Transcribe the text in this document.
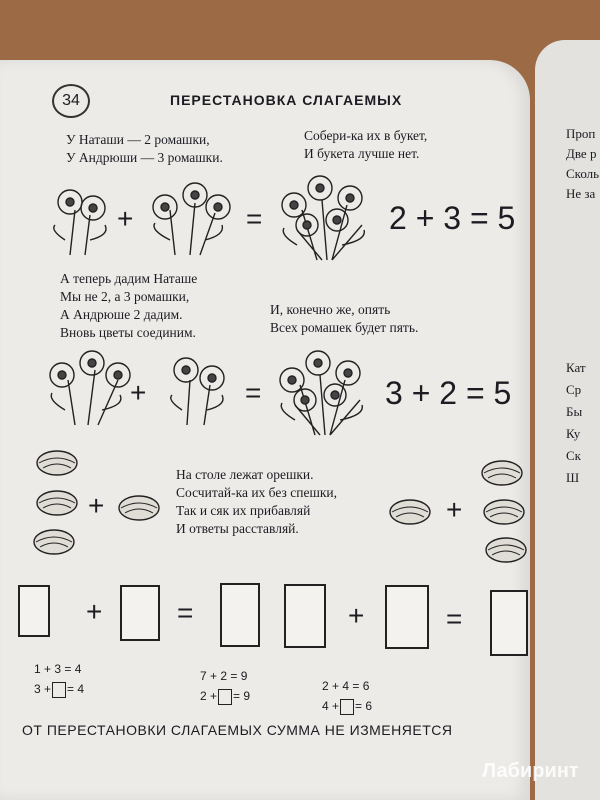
34	ПЕРЕСТАНОВКА СЛАГАЕМЫХ
У Наташи — 2 ромашки,
У Андрюши — 3 ромашки.
Собери-ка их в букет,
И букета лучше нет.
+	=	2 + 3 = 5
А теперь дадим Наташе
Мы не 2, а 3 ромашки,
А Андрюше 2 дадим.
Вновь цветы соединим.
И, конечно же, опять
Всех ромашек будет пять.
+	=	3 + 2 = 5
+
На столе лежат орешки.
Сосчитай-ка их без спешки,
Так и сяк их прибавляй
И ответы расставляй.
+
+	=	+	=
1 + 3 = 4
3 + = 4
7 + 2 = 9
2 + = 9
2 + 4 = 6
4 + = 6
ОТ ПЕРЕСТАНОВКИ СЛАГАЕМЫХ СУММА НЕ ИЗМЕНЯЕТСЯ
Проп
Две р
Сколь
Не за
Кат
Ср
Бы
Ку
Ск
Ш
Лабиринт
